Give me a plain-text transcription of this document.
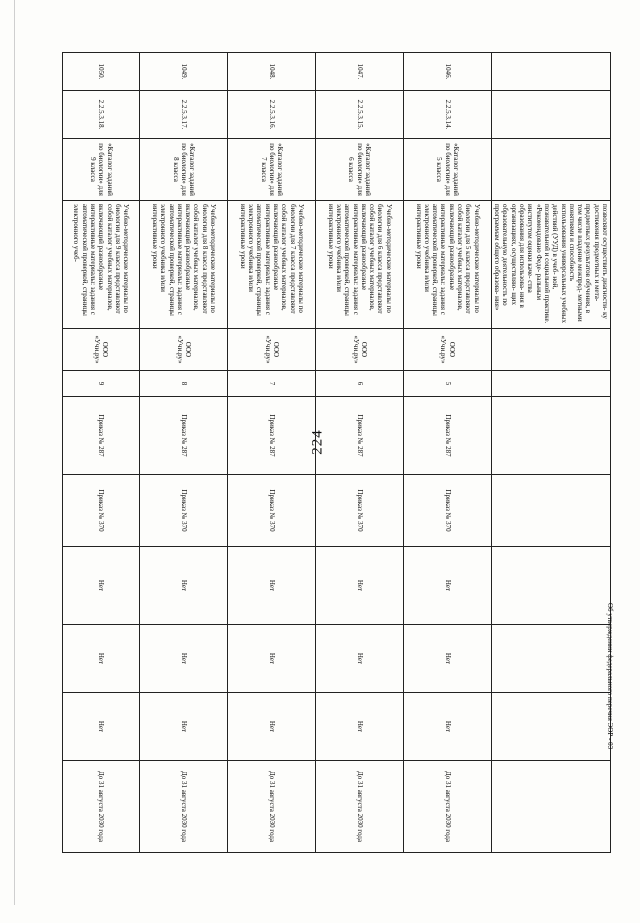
224
			позволяют осуществить диагности- ку достижения предметных и мета- предметных результатов обучения, в том числе владение межпред- метными понятиями и способность использования универсальных учебных действий (УУД) в учеб- ной, познавательной и социальной практике. «Рекомендовано Феде- ральным институтом оценки каче- ства образования для использова- ния в организациях, осуществляю- щих образовательную деятельность по программам общего образова- ния»								
1046.	2.2.5.3.14.	«Каталог заданий по биологии» для 5 класса	Учебно-методические материалы по биологии для 5 класса представляют собой каталог учебных материалов, включающий разнообразные интерактивные материалы: задания с автоматической проверкой, страницы электронного учебника и/или интерактивные уроки	ООО «Учи.ру»	5	Приказ № 287	Приказ № 370	Нет	Нет	Нет	До 31 августа 2030 года
1047.	2.2.5.3.15.	«Каталог заданий по биологии» для 6 класса	Учебно-методические материалы по биологии для 6 класса представляют собой каталог учебных материалов, включающий разнообразные интерактивные материалы: задания с автоматической проверкой, страницы электронного учебника и/или интерактивные уроки	ООО «Учи.ру»	6	Приказ № 287	Приказ № 370	Нет	Нет	Нет	До 31 августа 2030 года
1048.	2.2.5.3.16.	«Каталог заданий по биологии» для 7 класса	Учебно-методические материалы по биологии для 7 класса представляют собой каталог учебных материалов, включающий разнообразные интерактивные материалы: задания с автоматической проверкой, страницы электронного учебника и/или интерактивные уроки	ООО «Учи.ру»	7	Приказ № 287	Приказ № 370	Нет	Нет	Нет	До 31 августа 2030 года
1049.	2.2.5.3.17.	«Каталог заданий по биологии» для 8 класса	Учебно-методические материалы по биологии для 8 класса представляют собой каталог учебных материалов, включающий разнообразные интерактивные материалы: задания с автоматической проверкой, страницы электронного учебника и/или интерактивные уроки	ООО «Учи.ру»	8	Приказ № 287	Приказ № 370	Нет	Нет	Нет	До 31 августа 2030 года
1050.	2.2.5.3.18.	«Каталог заданий по биологии» для 9 класса	Учебно-методические материалы по биологии для 9 класса представляют собой каталог учебных материалов, включающий разнообразные интерактивные материалы: задания с автоматической проверкой, страницы электронного учеб-	ООО «Учи.ру»	9	Приказ № 287	Приказ № 370	Нет	Нет	Нет	До 31 августа 2030 года
Об утверждении федерального перечня ЭОР - 03
